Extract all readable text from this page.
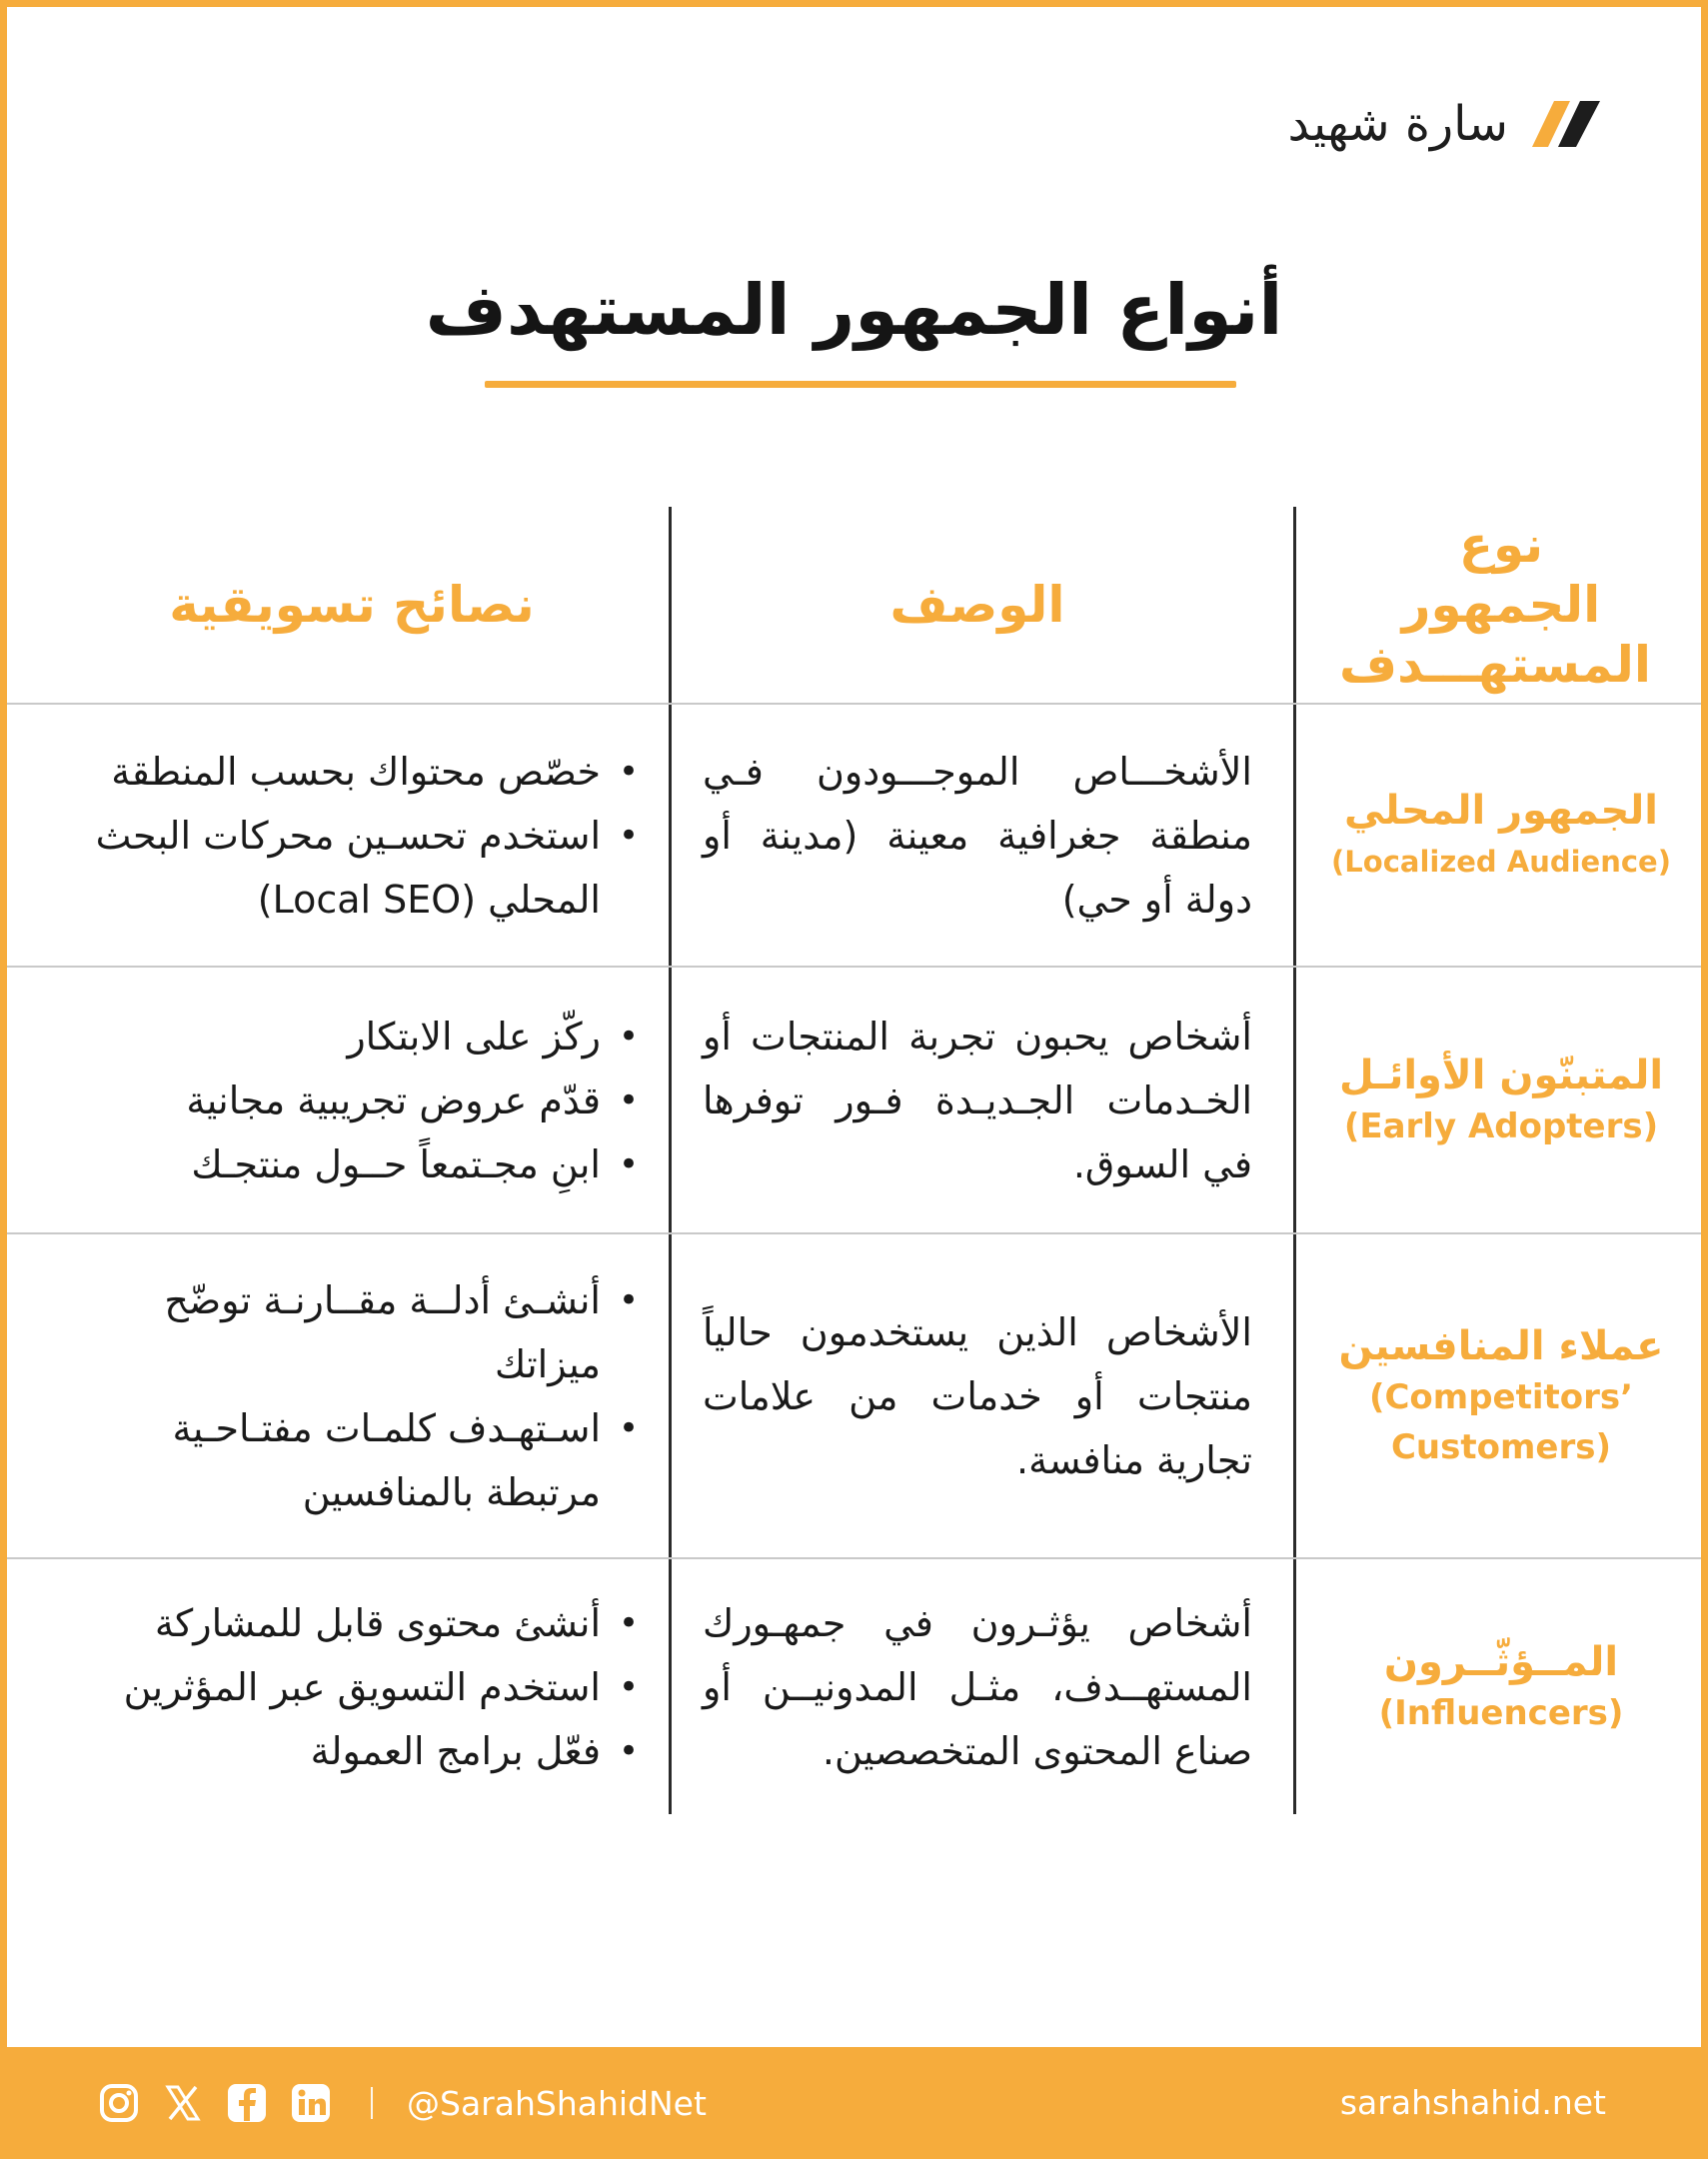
سارة شهيد
أنواع الجمهور المستهدف
نوع الجمهور المستهـــدف
الوصف
نصائح تسويقية
الجمهور المحلي
(Localized Audience)
الأشخـــاص الموجـــودون فـي منطقة جغرافية معينة (مدينة أو دولة أو حي)
• خصّص محتواك بحسب المنطقة
• استخدم تحسـين محركات البحث المحلي (Local SEO)
المتبنّون الأوائـل
(Early Adopters)
أشخاص يحبون تجربة المنتجات أو الخـدمات الجـديـدة فـور توفرها في السوق.
• ركّز على الابتكار
• قدّم عروض تجريبية مجانية
• ابنِ مجـتمعاً حــول منتجـك
عملاء المنافسين
(Competitors’ Customers)
الأشخاص الذين يستخدمون حالياً منتجات أو خدمات من علامات تجارية منافسة.
• أنشـئ أدلــة مقــارنـة توضّح ميزاتك
• اسـتهـدف كلمـات مفتـاحـية مرتبطة بالمنافسين
المــؤثّــرون
(Influencers)
أشخاص يؤثـرون في جمهـورك المستهــدف، مثـل المدونيــن أو صناع المحتوى المتخصصين.
• أنشئ محتوى قابل للمشاركة
• استخدم التسويق عبر المؤثرين
• فعّل برامج العمولة
@SarahShahidNet	sarahshahid.net
